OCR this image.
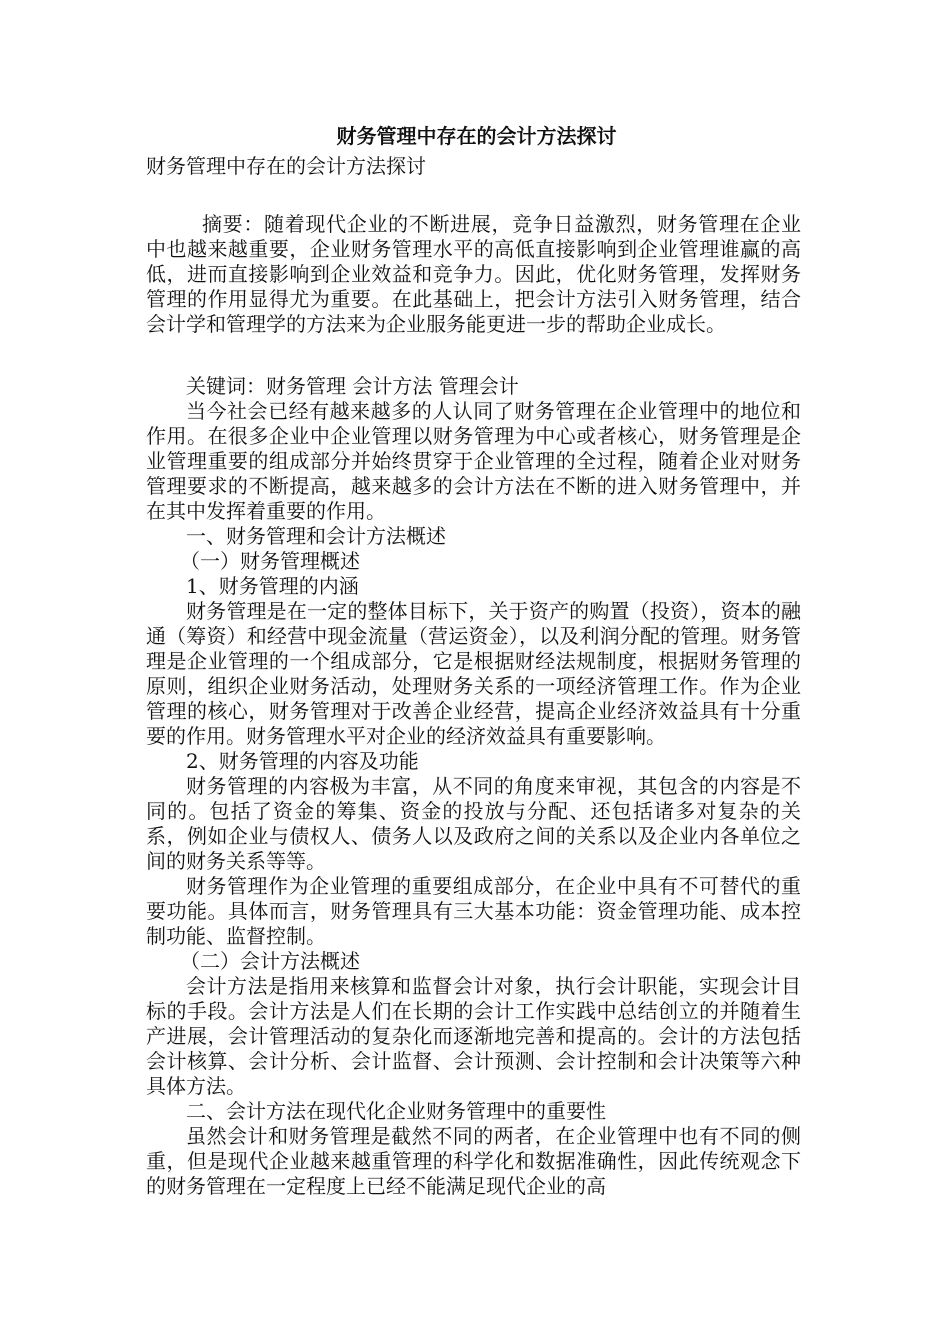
财务管理中存在的会计方法探讨

财务管理中存在的会计方法探讨

摘要：随着现代企业的不断进展，竞争日益激烈，财务管理在企业中也越来越重要，企业财务管理水平的高低直接影响到企业管理谁赢的高低，进而直接影响到企业效益和竞争力。因此，优化财务管理，发挥财务管理的作用显得尤为重要。在此基础上，把会计方法引入财务管理，结合会计学和管理学的方法来为企业服务能更进一步的帮助企业成长。

关键词：财务管理 会计方法 管理会计

当今社会已经有越来越多的人认同了财务管理在企业管理中的地位和作用。在很多企业中企业管理以财务管理为中心或者核心，财务管理是企业管理重要的组成部分并始终贯穿于企业管理的全过程，随着企业对财务管理要求的不断提高，越来越多的会计方法在不断的进入财务管理中，并在其中发挥着重要的作用。

一、财务管理和会计方法概述

（一）财务管理概述

1、财务管理的内涵

财务管理是在一定的整体目标下，关于资产的购置（投资），资本的融通（筹资）和经营中现金流量（营运资金），以及利润分配的管理。财务管理是企业管理的一个组成部分，它是根据财经法规制度，根据财务管理的原则，组织企业财务活动，处理财务关系的一项经济管理工作。作为企业管理的核心，财务管理对于改善企业经营，提高企业经济效益具有十分重要的作用。财务管理水平对企业的经济效益具有重要影响。

2、财务管理的内容及功能

财务管理的内容极为丰富，从不同的角度来审视，其包含的内容是不同的。包括了资金的筹集、资金的投放与分配、还包括诸多对复杂的关系，例如企业与债权人、债务人以及政府之间的关系以及企业内各单位之间的财务关系等等。

财务管理作为企业管理的重要组成部分，在企业中具有不可替代的重要功能。具体而言，财务管理具有三大基本功能：资金管理功能、成本控制功能、监督控制。

（二）会计方法概述

会计方法是指用来核算和监督会计对象，执行会计职能，实现会计目标的手段。会计方法是人们在长期的会计工作实践中总结创立的并随着生产进展，会计管理活动的复杂化而逐渐地完善和提高的。会计的方法包括会计核算、会计分析、会计监督、会计预测、会计控制和会计决策等六种具体方法。

二、会计方法在现代化企业财务管理中的重要性

虽然会计和财务管理是截然不同的两者，在企业管理中也有不同的侧重，但是现代企业越来越重管理的科学化和数据准确性，因此传统观念下的财务管理在一定程度上已经不能满足现代企业的高
